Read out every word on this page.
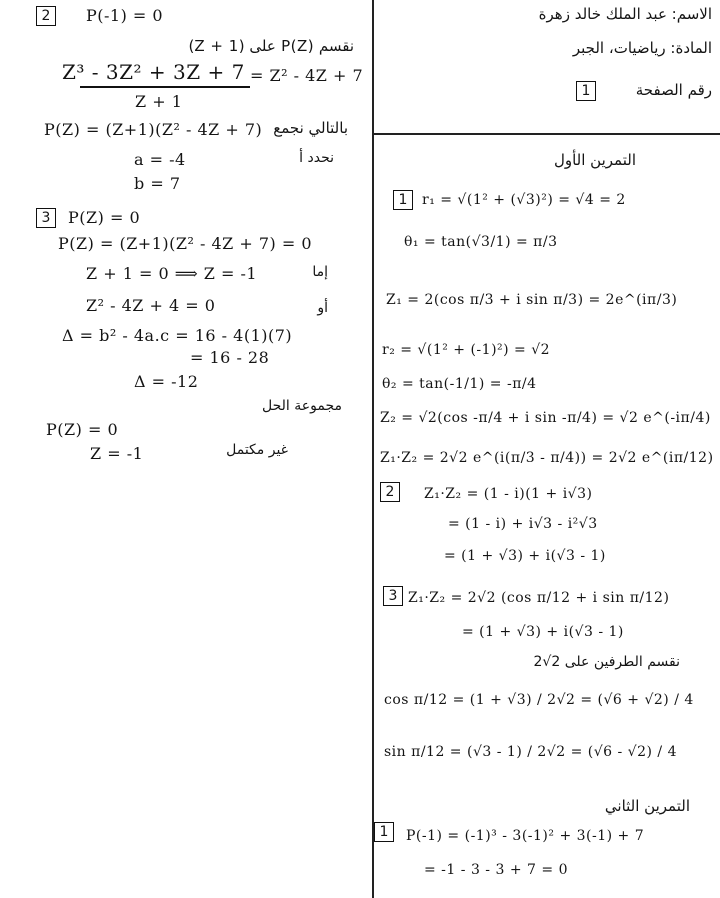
الاسم: عبد الملك خالد زهرة
المادة: رياضيات، الجبر
رقم الصفحة
1
2	P(-1) = 0
نقسم P(Z) على (Z + 1)
Z³ - 3Z² + 3Z + 7 = Z² - 4Z + 7
Z + 1
بالتالي نجمع
P(Z) = (Z+1)(Z² - 4Z + 7)
نحدد أ
a = -4
b = 7
3	P(Z) = 0
P(Z) = (Z+1)(Z² - 4Z + 7) = 0
إما
Z + 1 = 0 ⟹ Z = -1
أو
Z² - 4Z + 4 = 0
Δ = b² - 4a.c = 16 - 4(1)(7)
= 16 - 28
Δ = -12
مجموعة الحل
P(Z) = 0
غير مكتمل
Z = -1
التمرين الأول
1	r₁ = √(1² + (√3)²) = √4 = 2
θ₁ = tan(√3/1) = π/3
Z₁ = 2(cos π/3 + i sin π/3) = 2e^(iπ/3)
r₂ = √(1² + (-1)²) = √2
θ₂ = tan(-1/1) = -π/4
Z₂ = √2(cos -π/4 + i sin -π/4) = √2 e^(-iπ/4)
Z₁·Z₂ = 2√2 e^(i(π/3 - π/4)) = 2√2 e^(iπ/12)
2	Z₁·Z₂ = (1 - i)(1 + i√3)
= (1 - i) + i√3 - i²√3
= (1 + √3) + i(√3 - 1)
3 Z₁·Z₂ = 2√2 (cos π/12 + i sin π/12)
= (1 + √3) + i(√3 - 1)
نقسم الطرفين على 2√2
cos π/12 = (1 + √3) / 2√2 = (√6 + √2) / 4
sin π/12 = (√3 - 1) / 2√2 = (√6 - √2) / 4
التمرين الثاني
1	P(-1) = (-1)³ - 3(-1)² + 3(-1) + 7
= -1 - 3 - 3 + 7 = 0
